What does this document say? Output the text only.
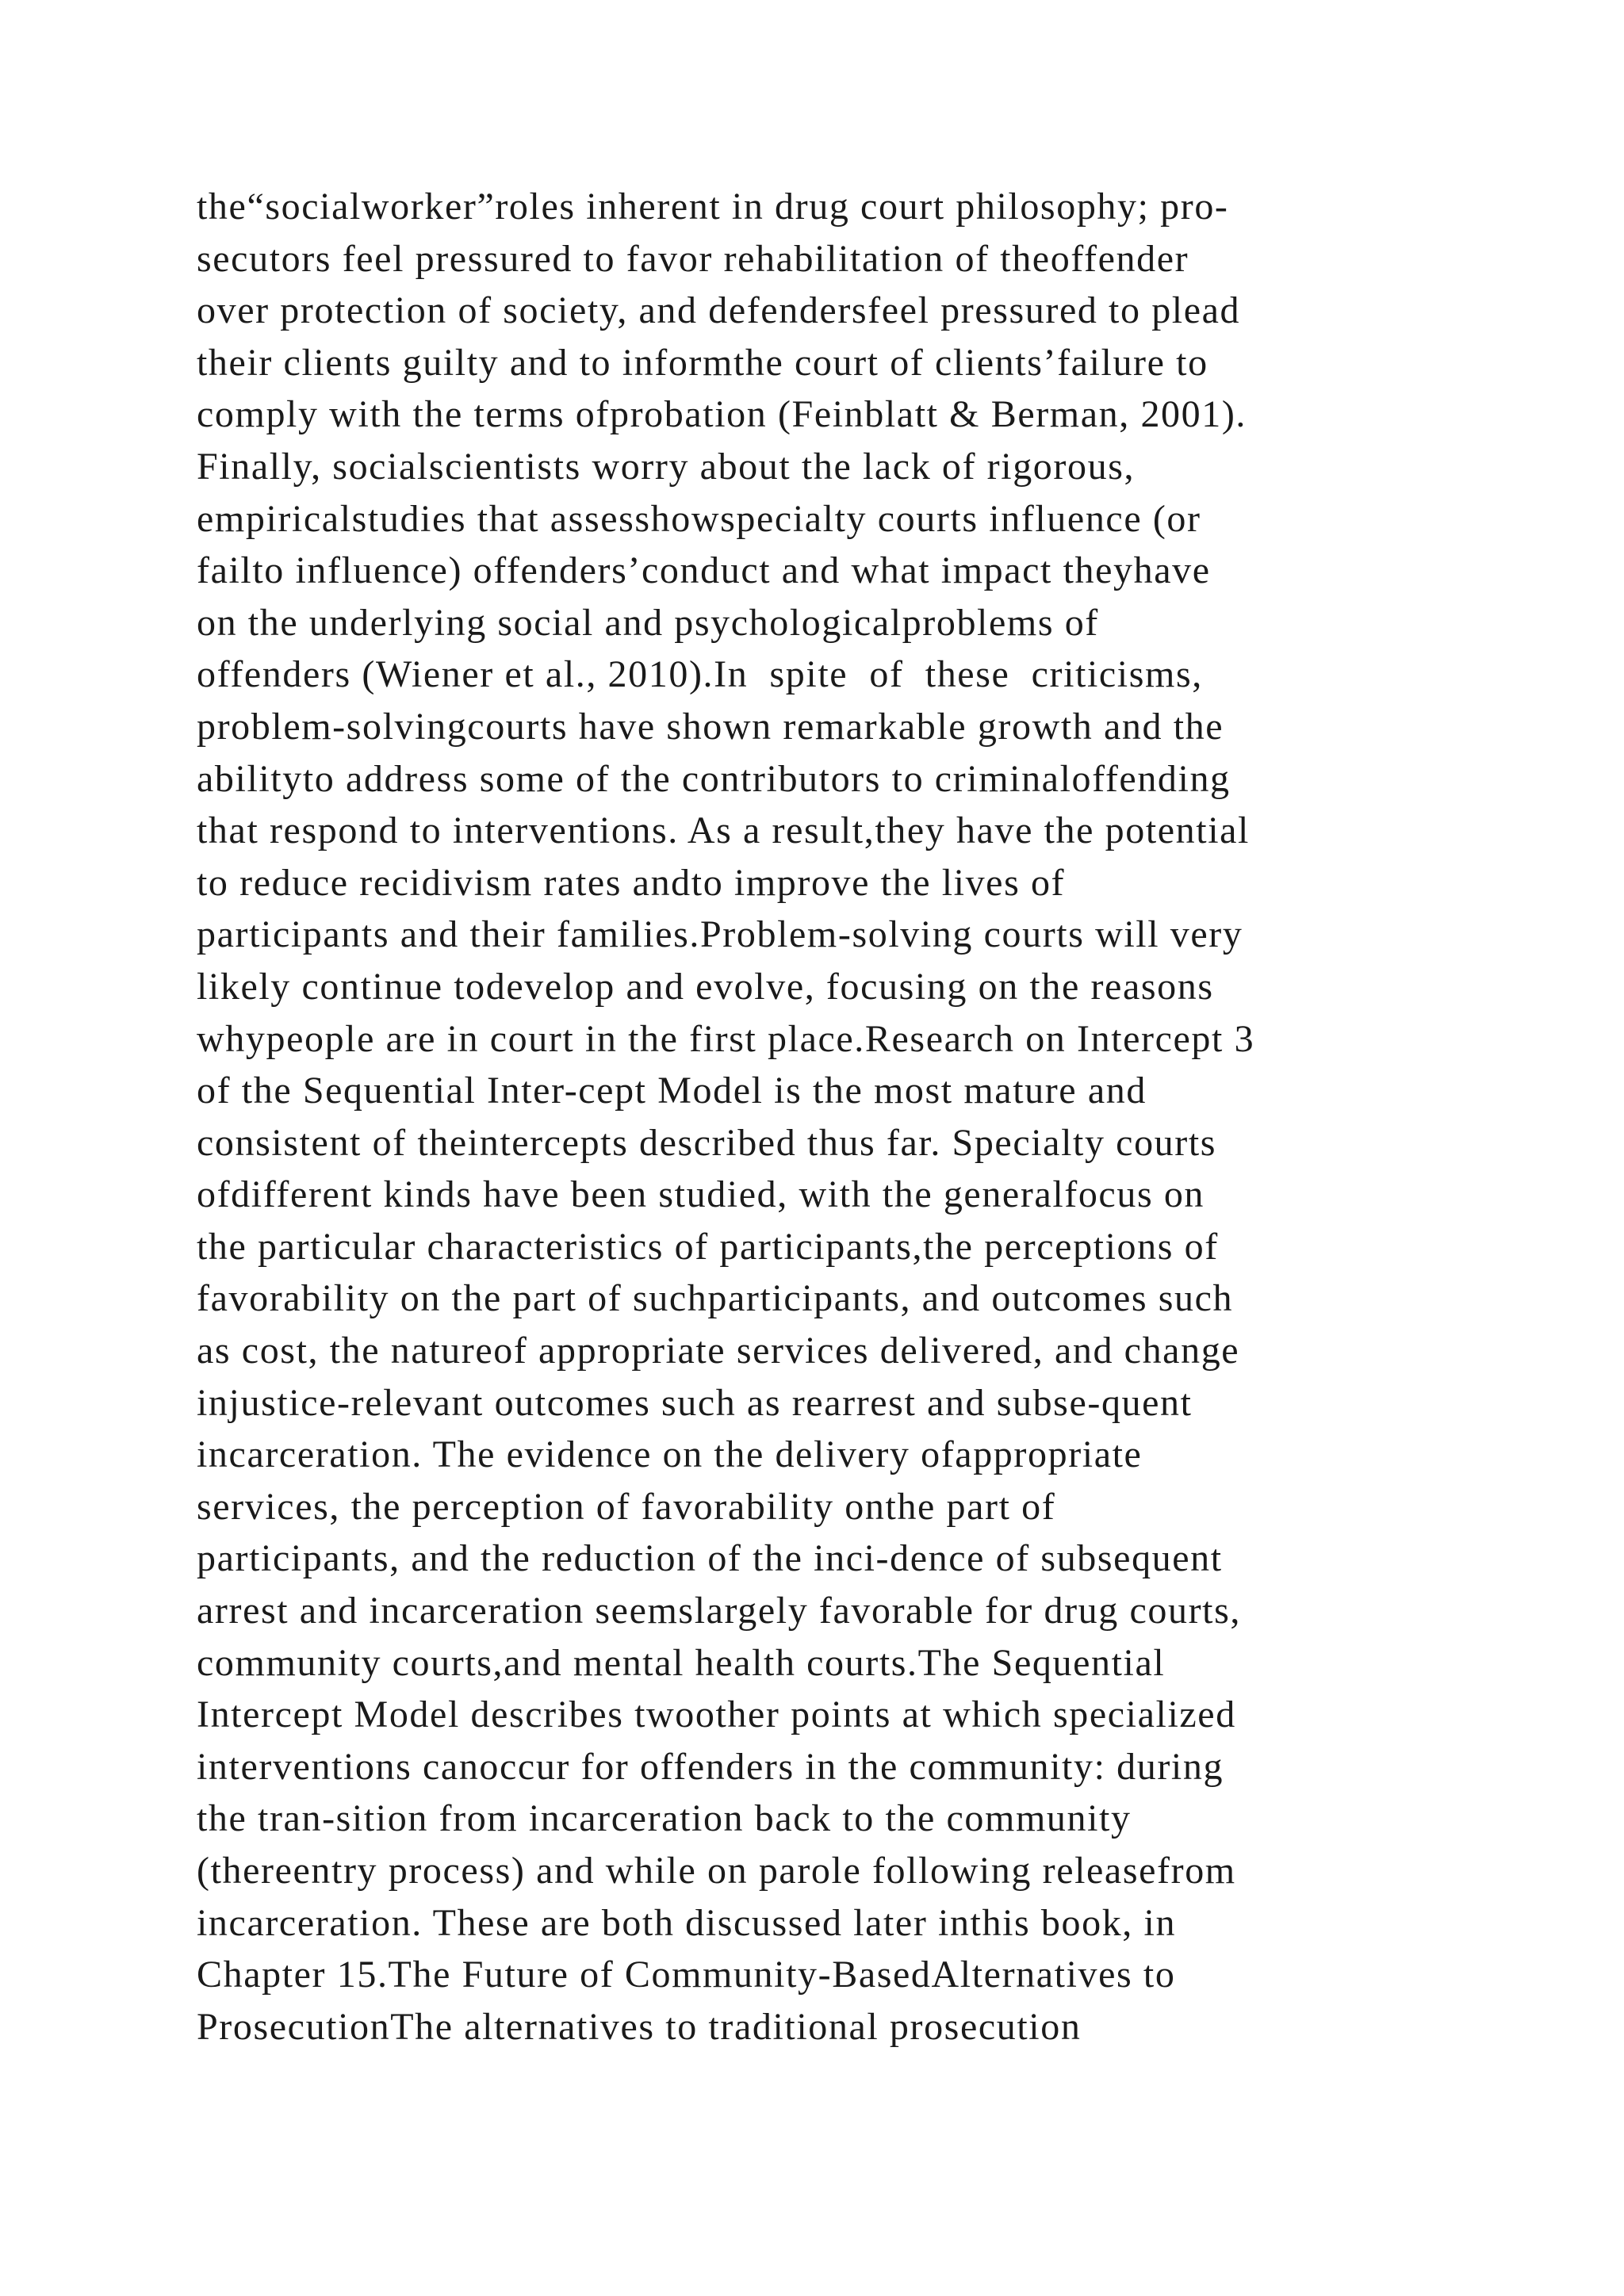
the“socialworker”roles inherent in drug court philosophy; pro-
secutors feel pressured to favor rehabilitation of theoffender
over protection of society, and defendersfeel pressured to plead
their clients guilty and to informthe court of clients’failure to
comply with the terms ofprobation (Feinblatt & Berman, 2001).
Finally, socialscientists worry about the lack of rigorous,
empiricalstudies that assesshowspecialty courts influence (or
failto influence) offenders’conduct and what impact theyhave
on the underlying social and psychologicalproblems of
offenders (Wiener et al., 2010).In  spite  of  these  criticisms,
problem-solvingcourts have shown remarkable growth and the
abilityto address some of the contributors to criminaloffending
that respond to interventions. As a result,they have the potential
to reduce recidivism rates andto improve the lives of
participants and their families.Problem-solving courts will very
likely continue todevelop and evolve, focusing on the reasons
whypeople are in court in the first place.Research on Intercept 3
of the Sequential Inter-cept Model is the most mature and
consistent of theintercepts described thus far. Specialty courts
ofdifferent kinds have been studied, with the generalfocus on
the particular characteristics of participants,the perceptions of
favorability on the part of suchparticipants, and outcomes such
as cost, the natureof appropriate services delivered, and change
injustice-relevant outcomes such as rearrest and subse-quent
incarceration. The evidence on the delivery ofappropriate
services, the perception of favorability onthe part of
participants, and the reduction of the inci-dence of subsequent
arrest and incarceration seemslargely favorable for drug courts,
community courts,and mental health courts.The Sequential
Intercept Model describes twoother points at which specialized
interventions canoccur for offenders in the community: during
the tran-sition from incarceration back to the community
(thereentry process) and while on parole following releasefrom
incarceration. These are both discussed later inthis book, in
Chapter 15.The Future of Community-BasedAlternatives to
ProsecutionThe alternatives to traditional prosecution
